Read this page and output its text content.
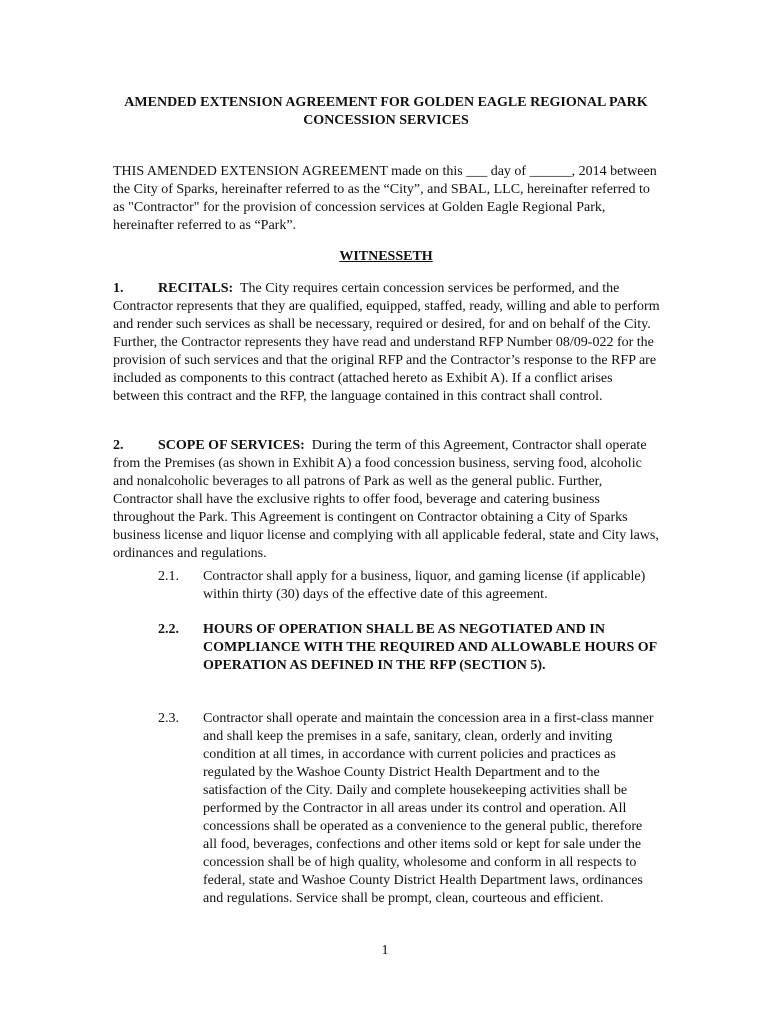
AMENDED EXTENSION AGREEMENT FOR GOLDEN EAGLE REGIONAL PARK CONCESSION SERVICES
THIS AMENDED EXTENSION AGREEMENT made on this ___ day of ______, 2014 between the City of Sparks, hereinafter referred to as the “City”, and SBAL, LLC, hereinafter referred to as "Contractor" for the provision of concession services at Golden Eagle Regional Park, hereinafter referred to as “Park”.
WITNESSETH
1. RECITALS: The City requires certain concession services be performed, and the Contractor represents that they are qualified, equipped, staffed, ready, willing and able to perform and render such services as shall be necessary, required or desired, for and on behalf of the City. Further, the Contractor represents they have read and understand RFP Number 08/09-022 for the provision of such services and that the original RFP and the Contractor’s response to the RFP are included as components to this contract (attached hereto as Exhibit A). If a conflict arises between this contract and the RFP, the language contained in this contract shall control.
2. SCOPE OF SERVICES: During the term of this Agreement, Contractor shall operate from the Premises (as shown in Exhibit A) a food concession business, serving food, alcoholic and nonalcoholic beverages to all patrons of Park as well as the general public. Further, Contractor shall have the exclusive rights to offer food, beverage and catering business throughout the Park. This Agreement is contingent on Contractor obtaining a City of Sparks business license and liquor license and complying with all applicable federal, state and City laws, ordinances and regulations.
2.1.	Contractor shall apply for a business, liquor, and gaming license (if applicable) within thirty (30) days of the effective date of this agreement.
2.2.	HOURS OF OPERATION SHALL BE AS NEGOTIATED AND IN COMPLIANCE WITH THE REQUIRED AND ALLOWABLE HOURS OF OPERATION AS DEFINED IN THE RFP (SECTION 5).
2.3.	Contractor shall operate and maintain the concession area in a first-class manner and shall keep the premises in a safe, sanitary, clean, orderly and inviting condition at all times, in accordance with current policies and practices as regulated by the Washoe County District Health Department and to the satisfaction of the City. Daily and complete housekeeping activities shall be performed by the Contractor in all areas under its control and operation. All concessions shall be operated as a convenience to the general public, therefore all food, beverages, confections and other items sold or kept for sale under the concession shall be of high quality, wholesome and conform in all respects to federal, state and Washoe County District Health Department laws, ordinances and regulations. Service shall be prompt, clean, courteous and efficient.
1
